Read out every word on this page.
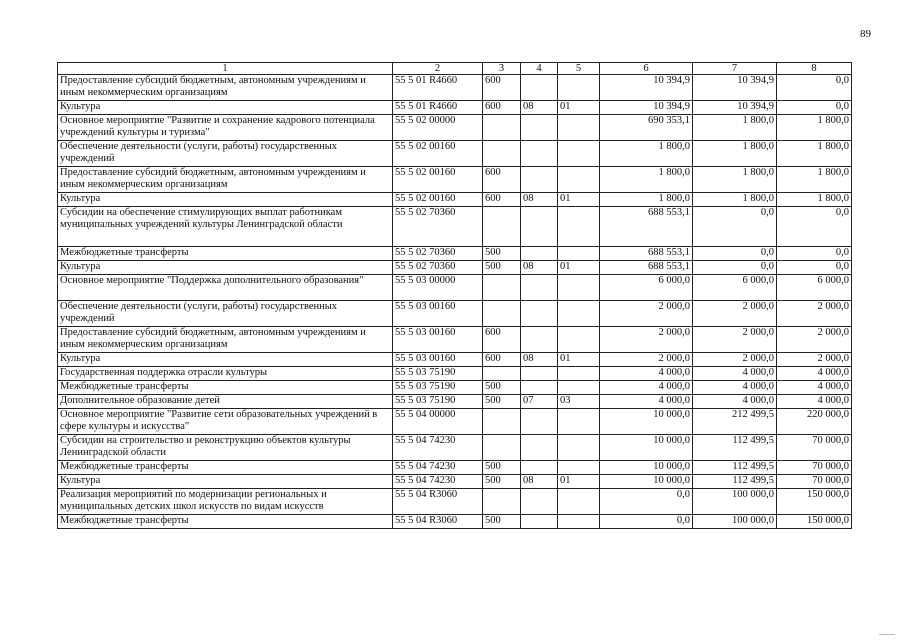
89
1	2	3	4	5	6	7	8
Предоставление субсидий бюджетным, автономным учреждениям и иным некоммерческим организациям	55 5 01 R4660	600			10 394,9	10 394,9	0,0
Культура	55 5 01 R4660	600	08	01	10 394,9	10 394,9	0,0
Основное мероприятие "Развитие и сохранение кадрового потенциала учреждений культуры и туризма"	55 5 02 00000				690 353,1	1 800,0	1 800,0
Обеспечение деятельности (услуги, работы) государственных учреждений	55 5 02 00160				1 800,0	1 800,0	1 800,0
Предоставление субсидий бюджетным, автономным учреждениям и иным некоммерческим организациям	55 5 02 00160	600			1 800,0	1 800,0	1 800,0
Культура	55 5 02 00160	600	08	01	1 800,0	1 800,0	1 800,0
Субсидии на обеспечение стимулирующих выплат работникам муниципальных учреждений культуры Ленинградской области	55 5 02 70360				688 553,1	0,0	0,0
Межбюджетные трансферты	55 5 02 70360	500			688 553,1	0,0	0,0
Культура	55 5 02 70360	500	08	01	688 553,1	0,0	0,0
Основное мероприятие "Поддержка дополнительного образования"	55 5 03 00000				6 000,0	6 000,0	6 000,0
Обеспечение деятельности (услуги, работы) государственных учреждений	55 5 03 00160				2 000,0	2 000,0	2 000,0
Предоставление субсидий бюджетным, автономным учреждениям и иным некоммерческим организациям	55 5 03 00160	600			2 000,0	2 000,0	2 000,0
Культура	55 5 03 00160	600	08	01	2 000,0	2 000,0	2 000,0
Государственная поддержка отрасли культуры	55 5 03 75190				4 000,0	4 000,0	4 000,0
Межбюджетные трансферты	55 5 03 75190	500			4 000,0	4 000,0	4 000,0
Дополнительное образование детей	55 5 03 75190	500	07	03	4 000,0	4 000,0	4 000,0
Основное мероприятие "Развитие сети образовательных учреждений в сфере культуры и искусства"	55 5 04 00000				10 000,0	212 499,5	220 000,0
Субсидии на строительство и реконструкцию объектов культуры Ленинградской области	55 5 04 74230				10 000,0	112 499,5	70 000,0
Межбюджетные трансферты	55 5 04 74230	500			10 000,0	112 499,5	70 000,0
Культура	55 5 04 74230	500	08	01	10 000,0	112 499,5	70 000,0
Реализация мероприятий по модернизации региональных и муниципальных детских школ искусств по видам искусств	55 5 04 R3060				0,0	100 000,0	150 000,0
Межбюджетные трансферты	55 5 04 R3060	500			0,0	100 000,0	150 000,0
